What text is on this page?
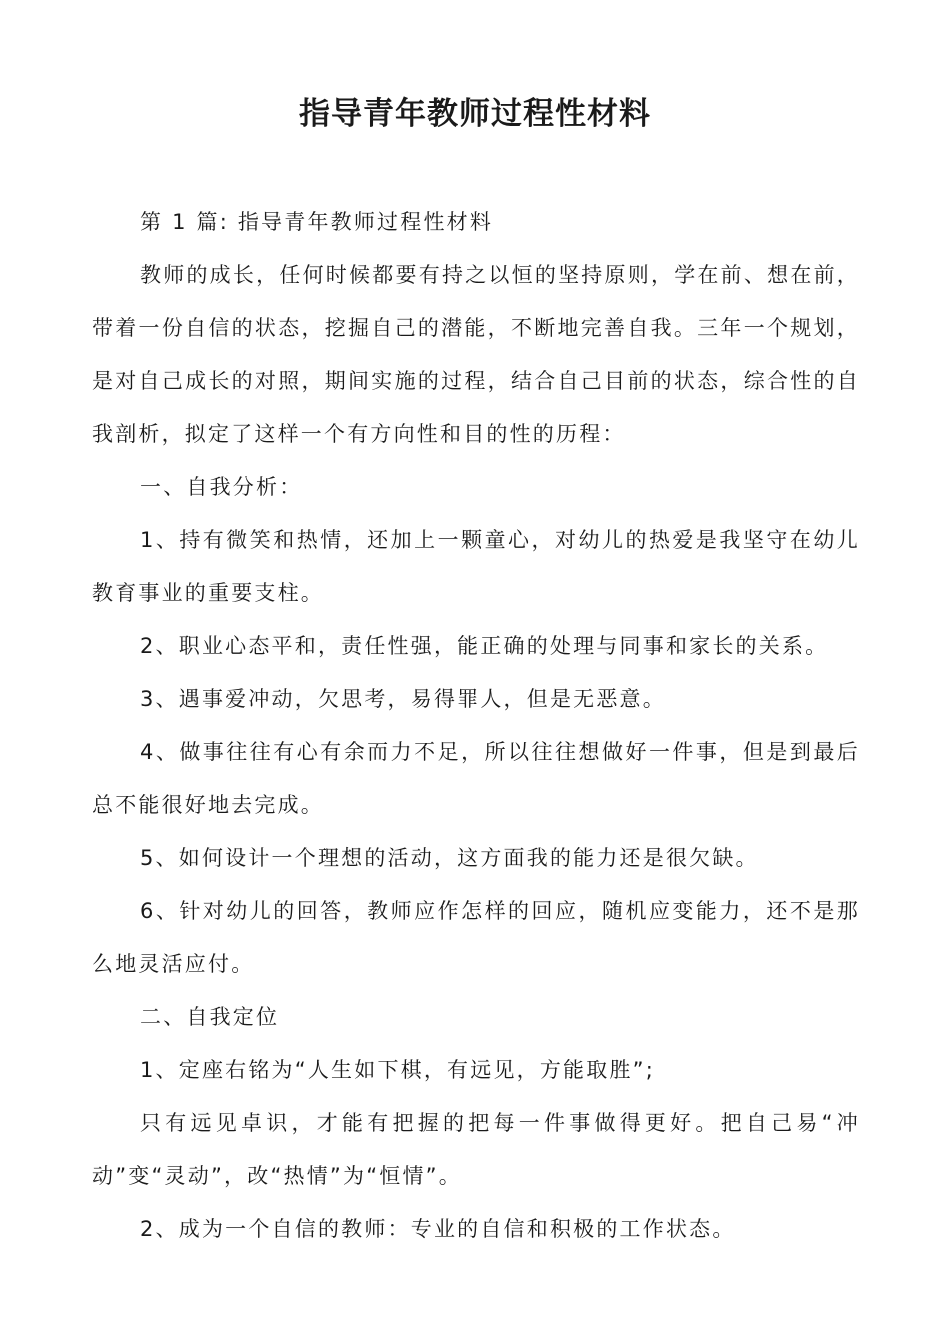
指导青年教师过程性材料

第 1 篇: 指导青年教师过程性材料

教师的成长，任何时候都要有持之以恒的坚持原则，学在前、想在前，带着一份自信的状态，挖掘自己的潜能，不断地完善自我。三年一个规划，是对自己成长的对照，期间实施的过程，结合自己目前的状态，综合性的自我剖析，拟定了这样一个有方向性和目的性的历程：

一、自我分析：

1、持有微笑和热情，还加上一颗童心，对幼儿的热爱是我坚守在幼儿教育事业的重要支柱。

2、职业心态平和，责任性强，能正确的处理与同事和家长的关系。

3、遇事爱冲动，欠思考，易得罪人，但是无恶意。

4、做事往往有心有余而力不足，所以往往想做好一件事，但是到最后总不能很好地去完成。

5、如何设计一个理想的活动，这方面我的能力还是很欠缺。

6、针对幼儿的回答，教师应作怎样的回应，随机应变能力，还不是那么地灵活应付。

二、自我定位

1、定座右铭为“人生如下棋，有远见，方能取胜”;

只有远见卓识，才能有把握的把每一件事做得更好。把自己易“冲动”变“灵动”，改“热情”为“恒情”。

2、成为一个自信的教师：专业的自信和积极的工作状态。
